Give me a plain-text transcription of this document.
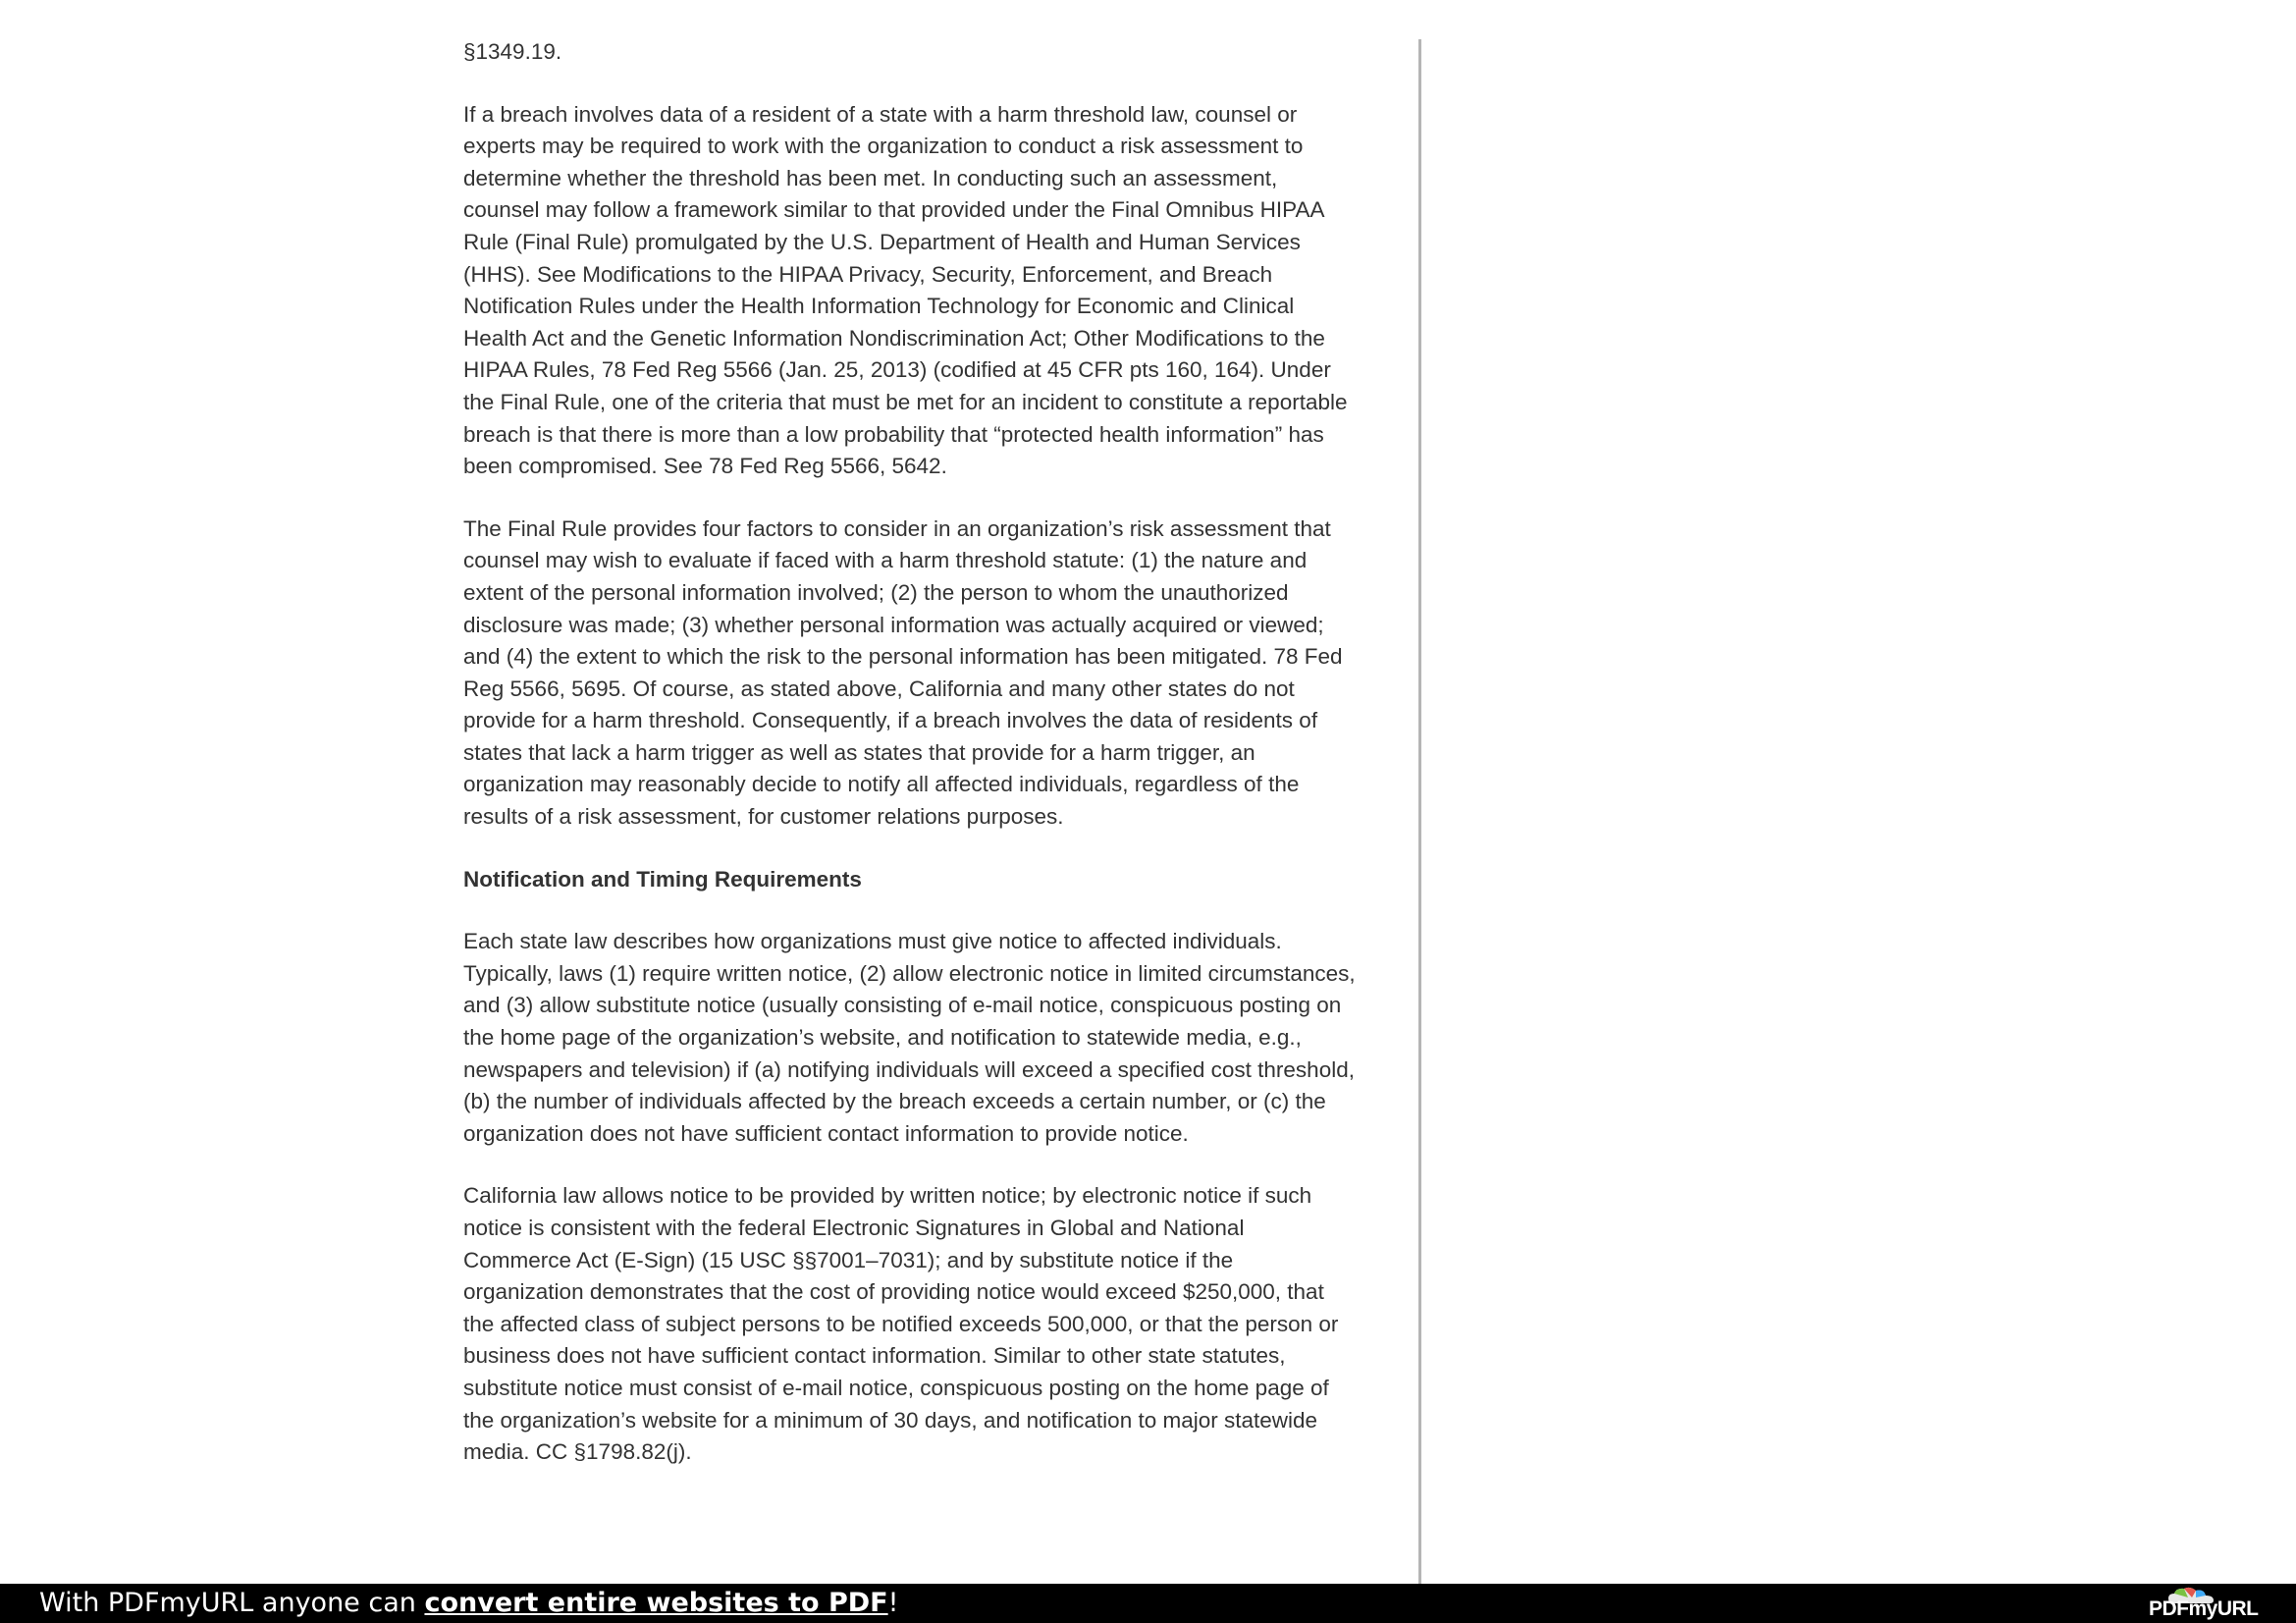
§1349.19.

If a breach involves data of a resident of a state with a harm threshold law, counsel or experts may be required to work with the organization to conduct a risk assessment to determine whether the threshold has been met. In conducting such an assessment, counsel may follow a framework similar to that provided under the Final Omnibus HIPAA Rule (Final Rule) promulgated by the U.S. Department of Health and Human Services (HHS). See Modifications to the HIPAA Privacy, Security, Enforcement, and Breach Notification Rules under the Health Information Technology for Economic and Clinical Health Act and the Genetic Information Nondiscrimination Act; Other Modifications to the HIPAA Rules, 78 Fed Reg 5566 (Jan. 25, 2013) (codified at 45 CFR pts 160, 164). Under the Final Rule, one of the criteria that must be met for an incident to constitute a reportable breach is that there is more than a low probability that “protected health information” has been compromised. See 78 Fed Reg 5566, 5642.

The Final Rule provides four factors to consider in an organization’s risk assessment that counsel may wish to evaluate if faced with a harm threshold statute: (1) the nature and extent of the personal information involved; (2) the person to whom the unauthorized disclosure was made; (3) whether personal information was actually acquired or viewed; and (4) the extent to which the risk to the personal information has been mitigated. 78 Fed Reg 5566, 5695. Of course, as stated above, California and many other states do not provide for a harm threshold. Consequently, if a breach involves the data of residents of states that lack a harm trigger as well as states that provide for a harm trigger, an organization may reasonably decide to notify all affected individuals, regardless of the results of a risk assessment, for customer relations purposes.

Notification and Timing Requirements

Each state law describes how organizations must give notice to affected individuals. Typically, laws (1) require written notice, (2) allow electronic notice in limited circumstances, and (3) allow substitute notice (usually consisting of e-mail notice, conspicuous posting on the home page of the organization’s website, and notification to statewide media, e.g., newspapers and television) if (a) notifying individuals will exceed a specified cost threshold, (b) the number of individuals affected by the breach exceeds a certain number, or (c) the organization does not have sufficient contact information to provide notice.

California law allows notice to be provided by written notice; by electronic notice if such notice is consistent with the federal Electronic Signatures in Global and National Commerce Act (E-Sign) (15 USC §§7001–7031); and by substitute notice if the organization demonstrates that the cost of providing notice would exceed $250,000, that the affected class of subject persons to be notified exceeds 500,000, or that the person or business does not have sufficient contact information. Similar to other state statutes, substitute notice must consist of e-mail notice, conspicuous posting on the home page of the organization’s website for a minimum of 30 days, and notification to major statewide media. CC §1798.82(j).

With PDFmyURL anyone can convert entire websites to PDF!	PDFmyURL
